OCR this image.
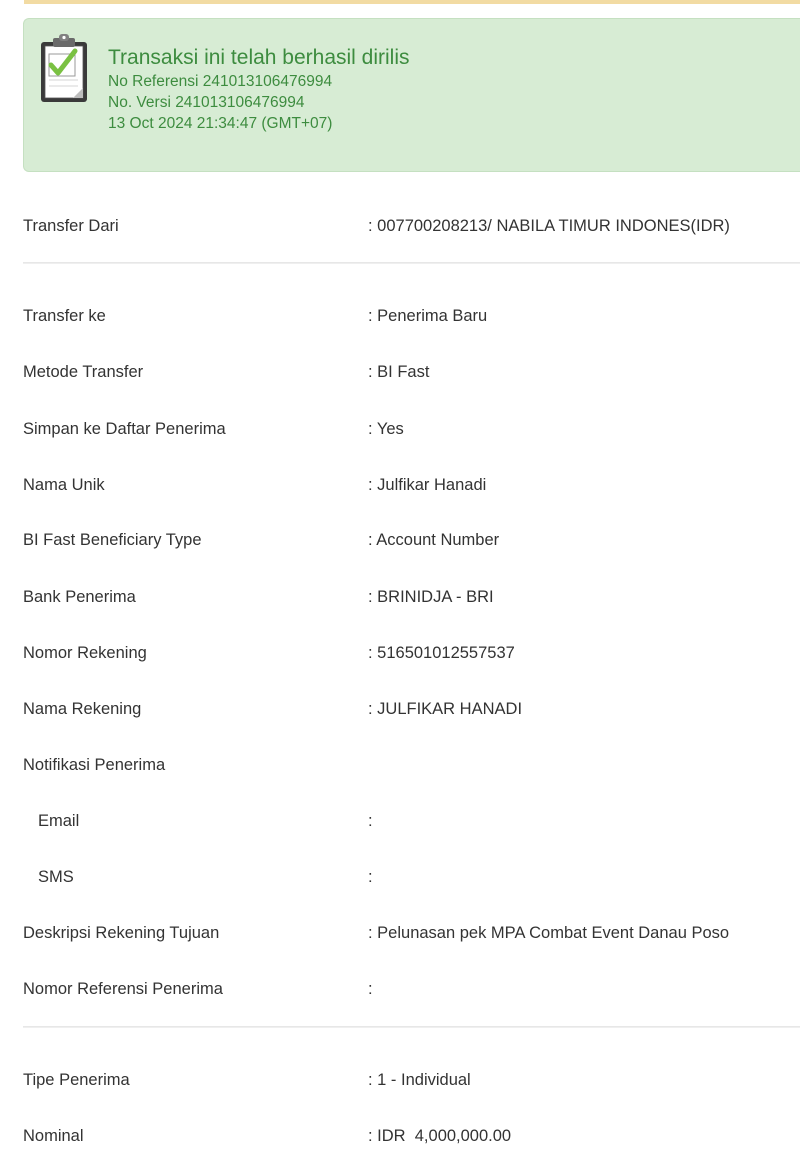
Transaksi ini telah berhasil dirilis
No Referensi 241013106476994
No. Versi 241013106476994
13 Oct 2024 21:34:47 (GMT+07)
Transfer Dari	: 007700208213/ NABILA TIMUR INDONES(IDR)
Transfer ke	: Penerima Baru
Metode Transfer	: BI Fast
Simpan ke Daftar Penerima	: Yes
Nama Unik	: Julfikar Hanadi
BI Fast Beneficiary Type	: Account Number
Bank Penerima	: BRINIDJA - BRI
Nomor Rekening	: 516501012557537
Nama Rekening	: JULFIKAR HANADI
Notifikasi Penerima
Email	:
SMS	:
Deskripsi Rekening Tujuan	: Pelunasan pek MPA Combat Event Danau Poso
Nomor Referensi Penerima	:
Tipe Penerima	: 1 - Individual
Nominal	: IDR  4,000,000.00
